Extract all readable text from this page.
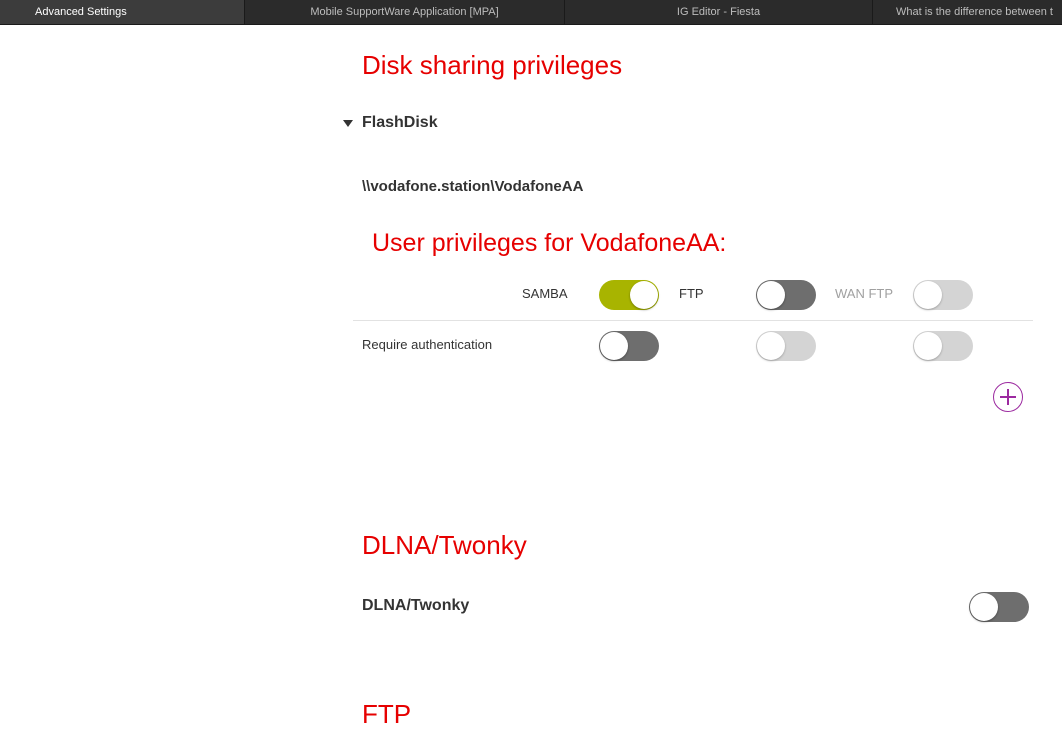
Advanced Settings	Mobile SupportWare Application [MPA]	IG Editor - Fiesta	What is the difference between t
Disk sharing privileges
FlashDisk
\\vodafone.station\VodafoneAA
User privileges for VodafoneAA:
SAMBA	FTP	WAN FTP
Require authentication
DLNA/Twonky
DLNA/Twonky
FTP
